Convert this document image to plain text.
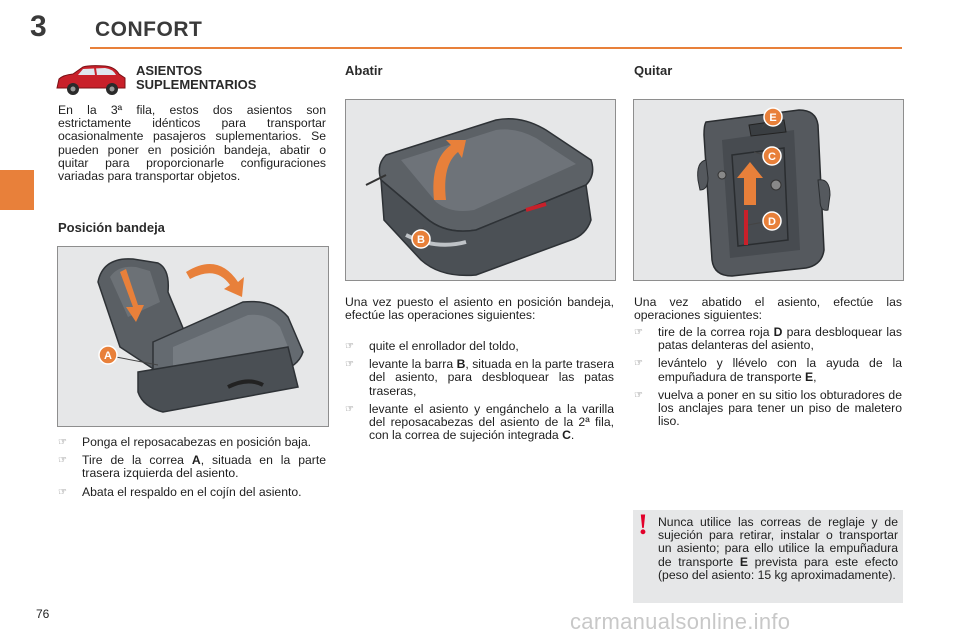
3 CONFORT
ASIENTOS
SUPLEMENTARIOS

En la 3ª fila, estos dos asientos son estrictamente idénticos para transportar ocasionalmente pasajeros suplementarios. Se pueden poner en posición bandeja, abatir o quitar para proporcionarle configuraciones variadas para transportar objetos.

Posición bandeja
A
☞ Ponga el reposacabezas en posición baja.
☞ Tire de la correa A, situada en la parte trasera izquierda del asiento.
☞ Abata el respaldo en el cojín del asiento.
Abatir
B

Una vez puesto el asiento en posición bandeja, efectúe las operaciones siguientes:

☞ quite el enrollador del toldo,
☞ levante la barra B, situada en la parte trasera del asiento, para desbloquear las patas traseras,
☞ levante el asiento y engánchelo a la varilla del reposacabezas del asiento de la 2ª fila, con la correa de sujeción integrada C.
Quitar
E
C
D

Una vez abatido el asiento, efectúe las operaciones siguientes:

☞ tire de la correa roja D para desbloquear las patas delanteras del asiento,
☞ levántelo y llévelo con la ayuda de la empuñadura de transporte E,
☞ vuelva a poner en su sitio los obturadores de los anclajes para tener un piso de maletero liso.
! Nunca utilice las correas de reglaje y de sujeción para retirar, instalar o transportar un asiento; para ello utilice la empuñadura de transporte E prevista para este efecto (peso del asiento: 15 kg aproximadamente).
76	carmanualsonline.info
